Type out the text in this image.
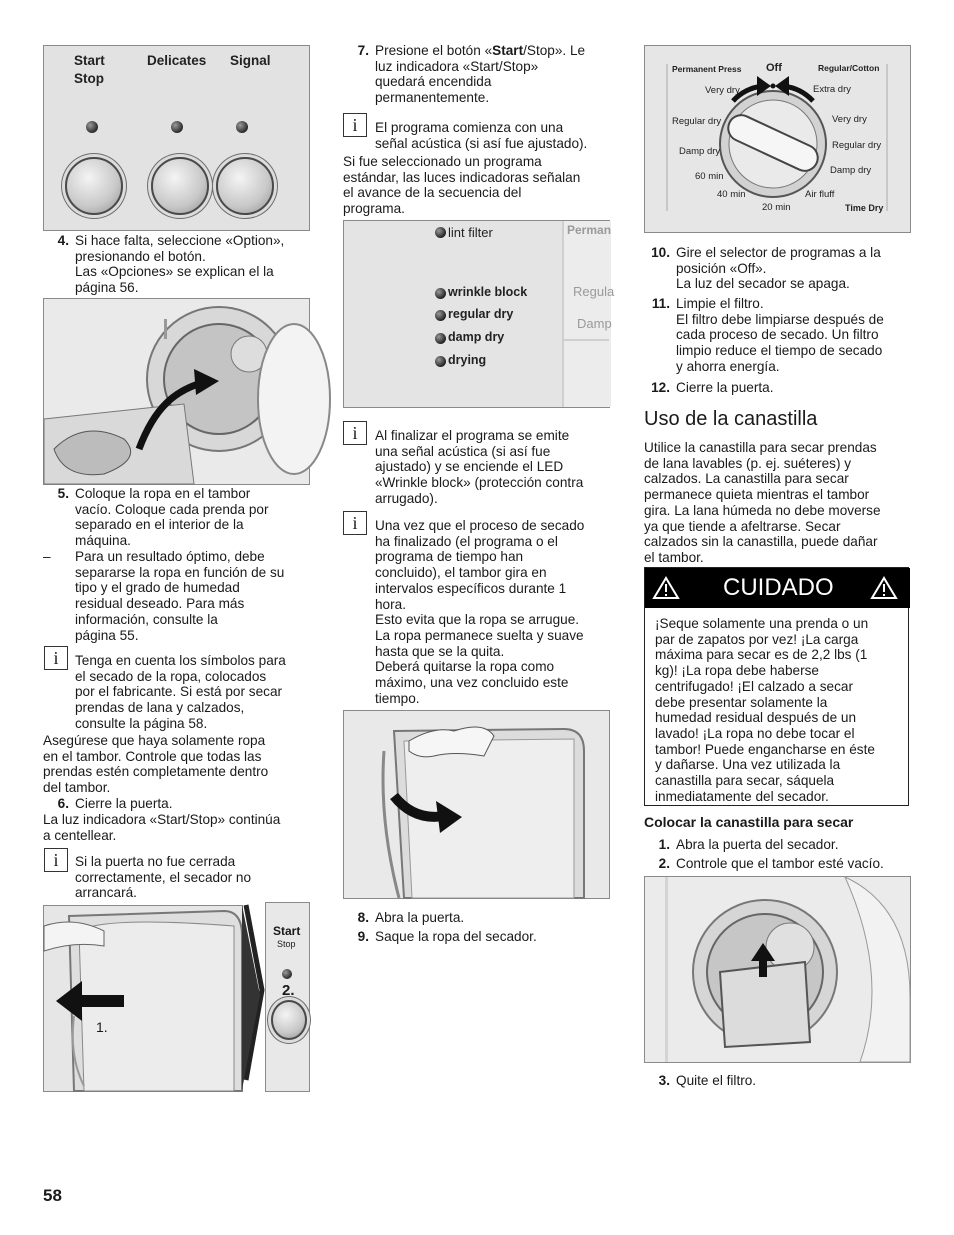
Start
Stop
Delicates Signal
4. Si hace falta, seleccione «Option»,
presionando el botón.
Las «Opciones» se explican el la
página 56.
5. Coloque la ropa en el tambor
vacío. Coloque cada prenda por
separado en el interior de la
máquina.
– Para un resultado óptimo, debe
separarse la ropa en función de su
tipo y el grado de humedad
residual deseado. Para más
información, consulte la
página 55.
i	Tenga en cuenta los símbolos para
el secado de la ropa, colocados
por el fabricante. Si está por secar
prendas de lana y calzados,
consulte la página 58.
Asegúrese que haya solamente ropa
en el tambor. Controle que todas las
prendas estén completamente dentro
del tambor.
6. Cierre la puerta.
La luz indicadora «Start/Stop» continúa
a centellear.
i	Si la puerta no fue cerrada
correctamente, el secador no
arrancará.
1.
Start
Stop
2.
7. Presione el botón «Start/Stop». Le
luz indicadora «Start/Stop»
quedará encendida
permanentemente.
i	El programa comienza con una
señal acústica (si así fue ajustado).
Si fue seleccionado un programa
estándar, las luces indicadoras señalan
el avance de la secuencia del
programa.
lint filter
wrinkle block
regular dry
damp dry
drying
Perman
Regula
Damp
i	Al finalizar el programa se emite
una señal acústica (si así fue
ajustado) y se enciende el LED
«Wrinkle block» (protección contra
arrugado).
i	Una vez que el proceso de secado
ha finalizado (el programa o el
programa de tiempo han
concluido), el tambor gira en
intervalos específicos durante 1
hora.
Esto evita que la ropa se arrugue.
La ropa permanece suelta y suave
hasta que se la quita.
Deberá quitarse la ropa como
máximo, una vez concluido este
tiempo.
8. Abra la puerta.
9. Saque la ropa del secador.
Permanent Press Off	Regular/Cotton
Very dry
Regular dry
Damp dry
Extra dry
Very dry
Regular dry
Damp dry
60 min
40 min
20 min
Air fluff
Time Dry
10. Gire el selector de programas a la
posición «Off».
La luz del secador se apaga.
11. Limpie el filtro.
El filtro debe limpiarse después de
cada proceso de secado. Un filtro
limpio reduce el tiempo de secado
y ahorra energía.
12. Cierre la puerta.
Uso de la canastilla
Utilice la canastilla para secar prendas
de lana lavables (p. ej. suéteres) y
calzados. La canastilla para secar
permanece quieta mientras el tambor
gira. La lana húmeda no debe moverse
ya que tiende a afeltrarse. Secar
calzados sin la canastilla, puede dañar
el tambor.
CUIDADO
¡Seque solamente una prenda o un
par de zapatos por vez! ¡La carga
máxima para secar es de 2,2 lbs (1
kg)! ¡La ropa debe haberse
centrifugado! ¡El calzado a secar
debe presentar solamente la
humedad residual después de un
lavado! ¡La ropa no debe tocar el
tambor! Puede engancharse en éste
y dañarse. Una vez utilizada la
canastilla para secar, sáquela
inmediatamente del secador.
Colocar la canastilla para secar
1. Abra la puerta del secador.
2. Controle que el tambor esté vacío.
3. Quite el filtro.
58
